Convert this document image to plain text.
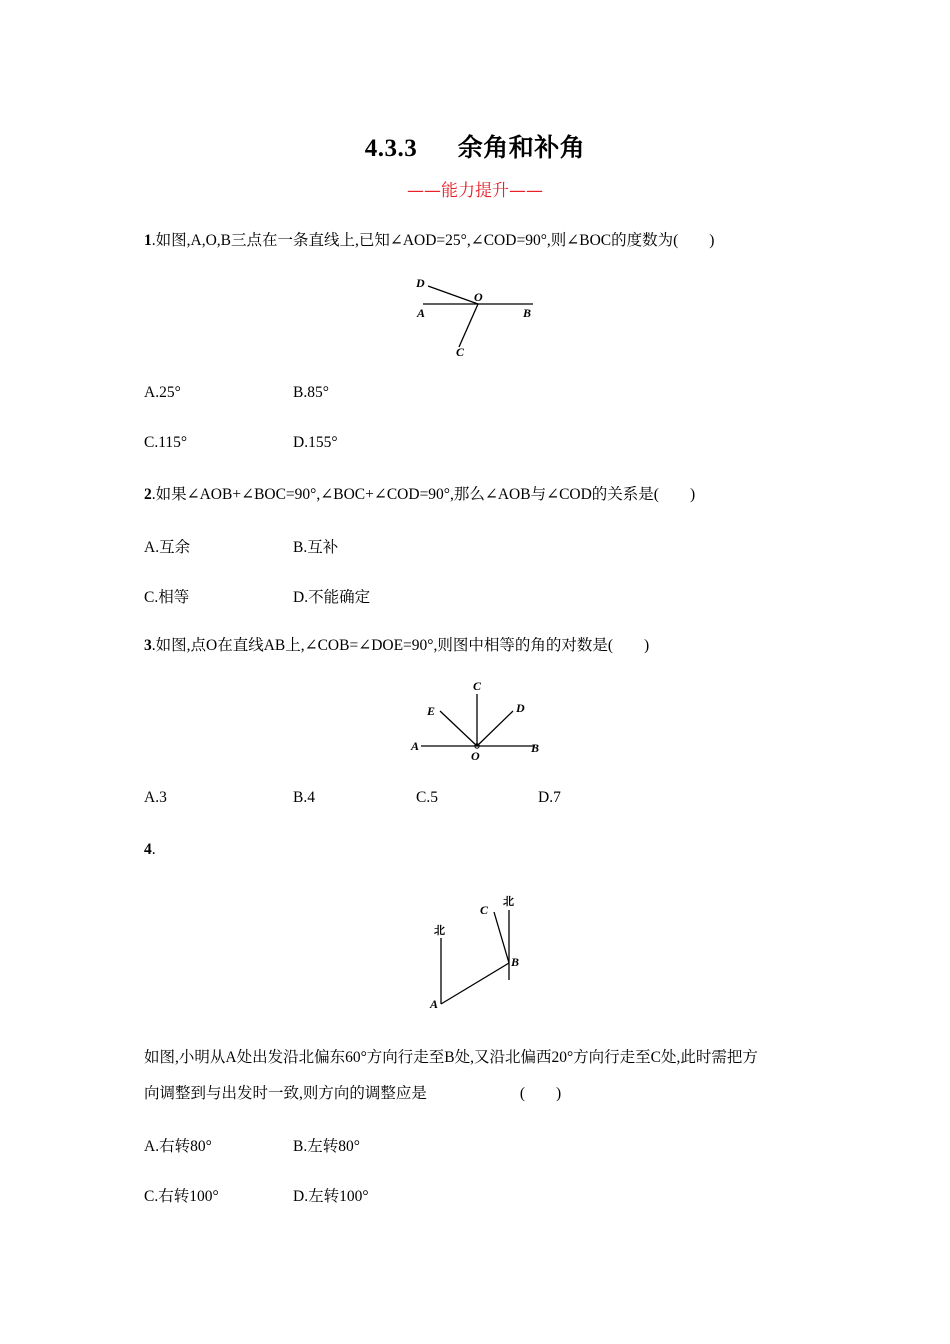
4.3.3 余角和补角
——能力提升——
1.如图,A,O,B三点在一条直线上,已知∠AOD=25°,∠COD=90°,则∠BOC的度数为(　　)
D
O
A	B
C
A.25°	B.85°
C.115°	D.155°
2.如果∠AOB+∠BOC=90°,∠BOC+∠COD=90°,那么∠AOB与∠COD的关系是(　　)
A.互余	B.互补
C.相等	D.不能确定
3.如图,点O在直线AB上,∠COB=∠DOE=90°,则图中相等的角的对数是(　　)
C
E	D
A	B
O
A.3	B.4	C.5	D.7
4.
北
北
C
B
A
如图,小明从A处出发沿北偏东60°方向行走至B处,又沿北偏西20°方向行走至C处,此时需把方
向调整到与出发时一致,则方向的调整应是　　　　　　(　　)
A.右转80°	B.左转80°
C.右转100°	D.左转100°
